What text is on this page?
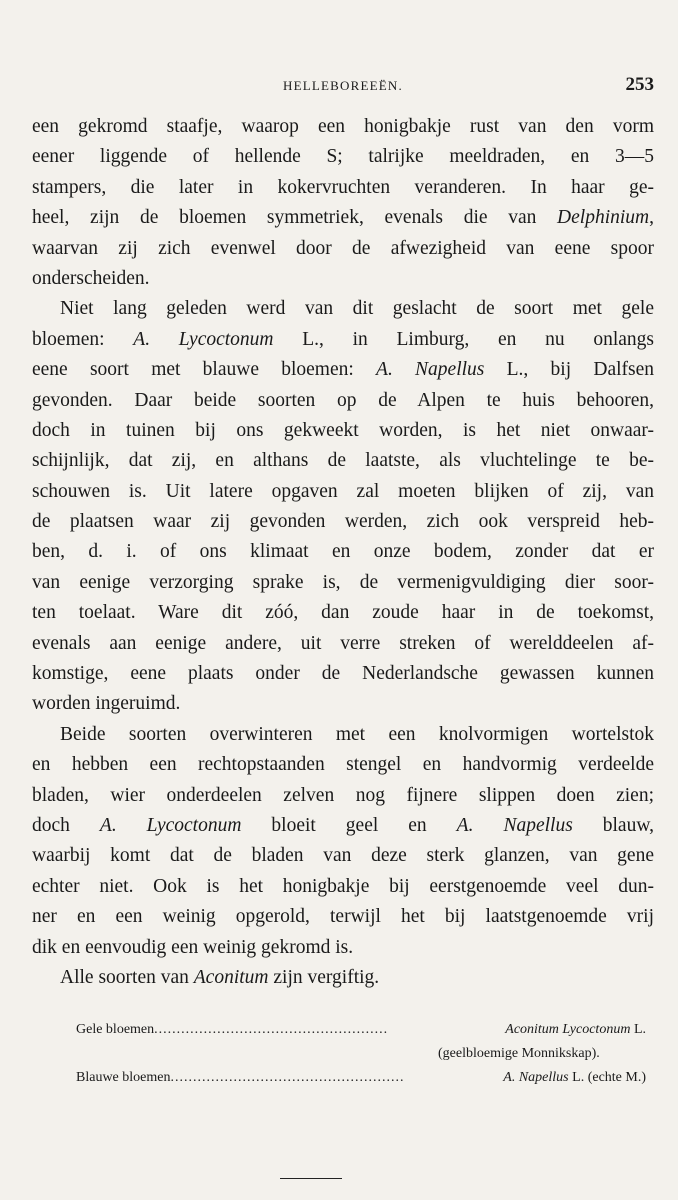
HELLEBOREEËN.	253
een gekromd staafje, waarop een honigbakje rust van den vorm
eener liggende of hellende S; talrijke meeldraden, en 3—5
stampers, die later in kokervruchten veranderen. In haar ge-
heel, zijn de bloemen symmetriek, evenals die van Delphinium,
waarvan zij zich evenwel door de afwezigheid van eene spoor
onderscheiden.
Niet lang geleden werd van dit geslacht de soort met gele
bloemen: A. Lycoctonum L., in Limburg, en nu onlangs
eene soort met blauwe bloemen: A. Napellus L., bij Dalfsen
gevonden. Daar beide soorten op de Alpen te huis behooren,
doch in tuinen bij ons gekweekt worden, is het niet onwaar-
schijnlijk, dat zij, en althans de laatste, als vluchtelinge te be-
schouwen is. Uit latere opgaven zal moeten blijken of zij, van
de plaatsen waar zij gevonden werden, zich ook verspreid heb-
ben, d. i. of ons klimaat en onze bodem, zonder dat er
van eenige verzorging sprake is, de vermenigvuldiging dier soor-
ten toelaat. Ware dit zóó, dan zoude haar in de toekomst,
evenals aan eenige andere, uit verre streken of werelddeelen af-
komstige, eene plaats onder de Nederlandsche gewassen kunnen
worden ingeruimd.
Beide soorten overwinteren met een knolvormigen wortelstok
en hebben een rechtopstaanden stengel en handvormig verdeelde
bladen, wier onderdeelen zelven nog fijnere slippen doen zien;
doch A. Lycoctonum bloeit geel en A. Napellus blauw,
waarbij komt dat de bladen van deze sterk glanzen, van gene
echter niet. Ook is het honigbakje bij eerstgenoemde veel dun-
ner en een weinig opgerold, terwijl het bij laatstgenoemde vrij
dik en eenvoudig een weinig gekromd is.
Alle soorten van Aconitum zijn vergiftig.
Gele bloemen ....................................................	Aconitum Lycoctonum L.
(geelbloemige Monnikskap).
Blauwe bloemen ....................................................	A. Napellus L. (echte M.)
